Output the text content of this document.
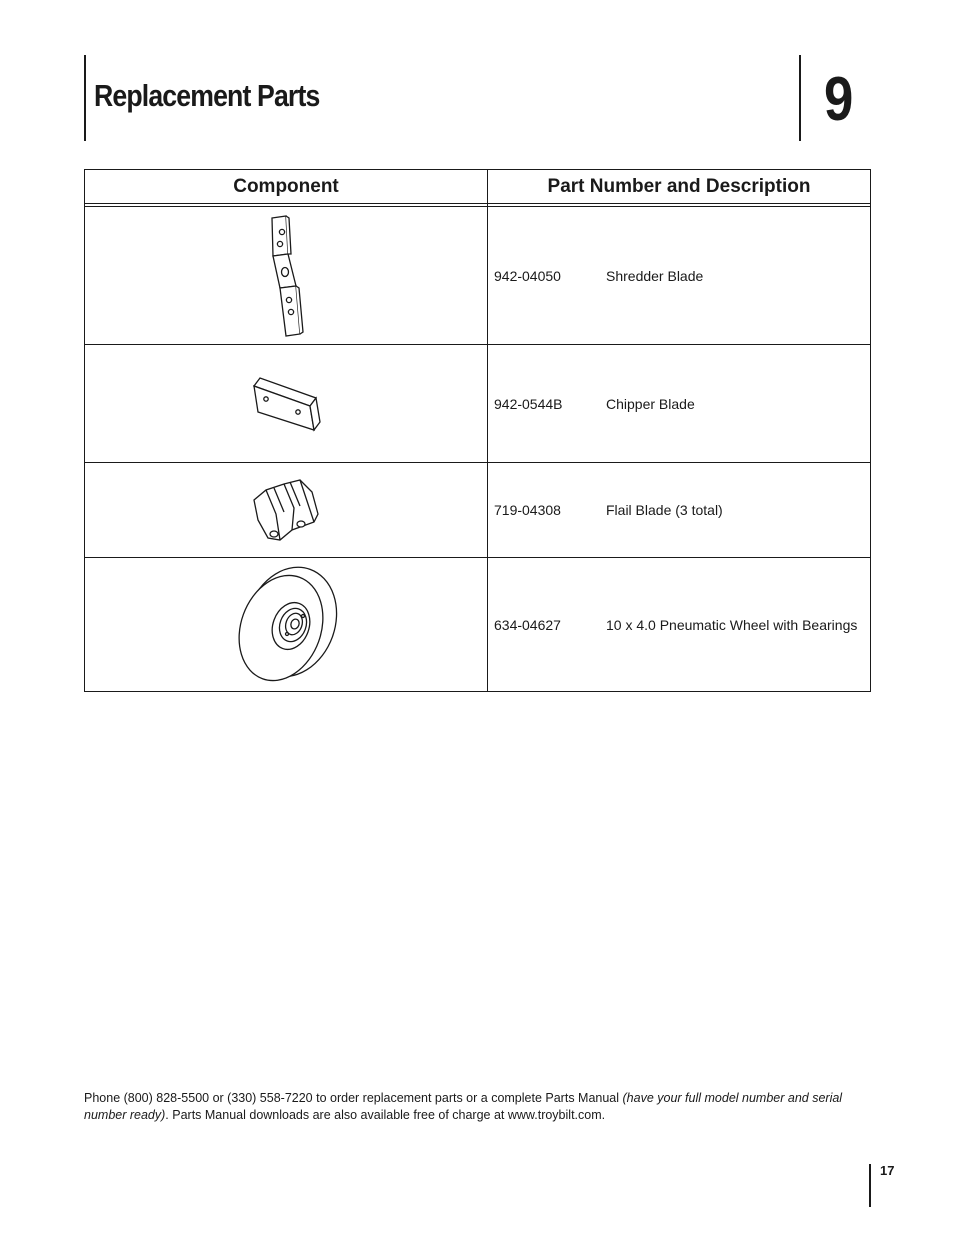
Replacement Parts	9
Component	Part Number and Description

	942-04050 Shredder Blade

	942-0544B Chipper Blade

	719-04308 Flail Blade (3 total)

	634-04627 10 x 4.0 Pneumatic Wheel with Bearings
Phone (800) 828-5500 or (330) 558-7220 to order replacement parts or a complete Parts Manual (have your full model number and serial number ready). Parts Manual downloads are also available free of charge at www.troybilt.com.
17
